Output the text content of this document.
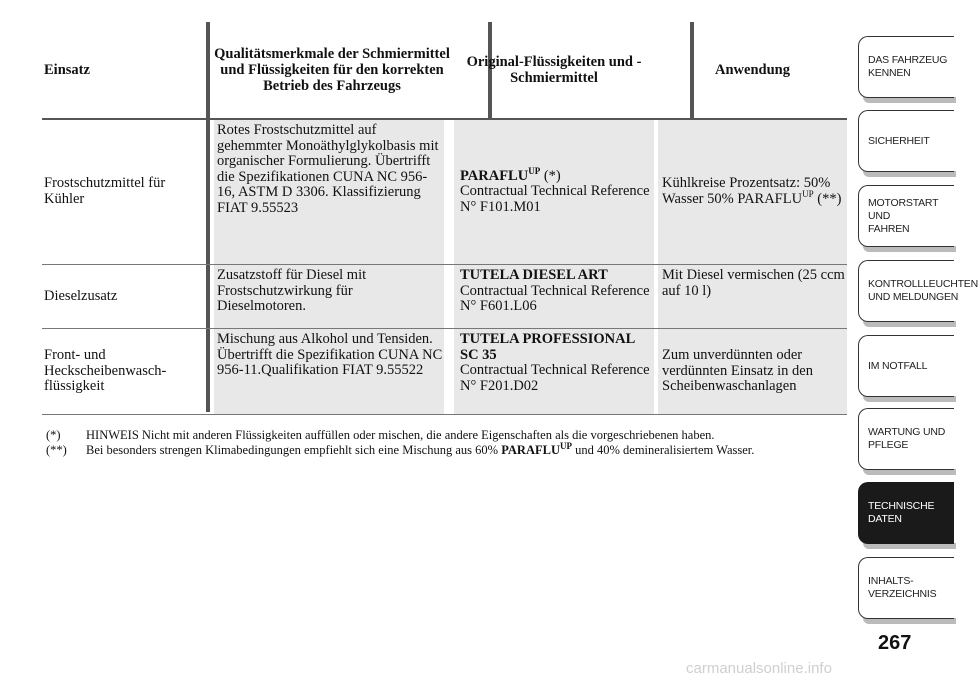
Einsatz
Qualitätsmerkmale der Schmiermittel und Flüssigkeiten für den korrekten Betrieb des Fahrzeugs
Original-Flüssigkeiten und -Schmiermittel	Anwendung
Frostschutzmittel für Kühler
Rotes Frostschutzmittel auf gehemmter Monoäthylglykolbasis mit organischer Formulierung. Übertrifft die Spezifikationen CUNA NC 956-16, ASTM D 3306. Klassifizierung FIAT 9.55523
$PARAFLU^{UP}$ (*)
Contractual Technical Reference N° F101.M01
Kühlkreise Prozentsatz: 50% Wasser 50% $PARAFLU^{UP}$ (**)
Dieselzusatz
Zusatzstoff für Diesel mit Frostschutzwirkung für Dieselmotoren.
TUTELA DIESEL ART
Contractual Technical Reference N° F601.L06
Mit Diesel vermischen (25 ccm auf 10 l)
Front- und Heckscheibenwasch-flüssigkeit
Mischung aus Alkohol und Tensiden. Übertrifft die Spezifikation CUNA NC 956-11.Qualifikation FIAT 9.55522
TUTELA PROFESSIONAL SC 35
Contractual Technical Reference N° F201.D02
Zum unverdünnten oder verdünnten Einsatz in den Scheibenwaschanlagen
(*) HINWEIS Nicht mit anderen Flüssigkeiten auffüllen oder mischen, die andere Eigenschaften als die vorgeschriebenen haben.
(**) Bei besonders strengen Klimabedingungen empfiehlt sich eine Mischung aus 60% $PARAFLU^{UP}$ und 40% demineralisiertem Wasser.
DAS FAHRZEUG
KENNEN
SICHERHEIT
MOTORSTART UND
FAHREN
KONTROLLLEUCHTEN
UND MELDUNGEN
IM NOTFALL
WARTUNG UND
PFLEGE
TECHNISCHE
DATEN
INHALTS-
VERZEICHNIS
267
carmanualsonline.info
